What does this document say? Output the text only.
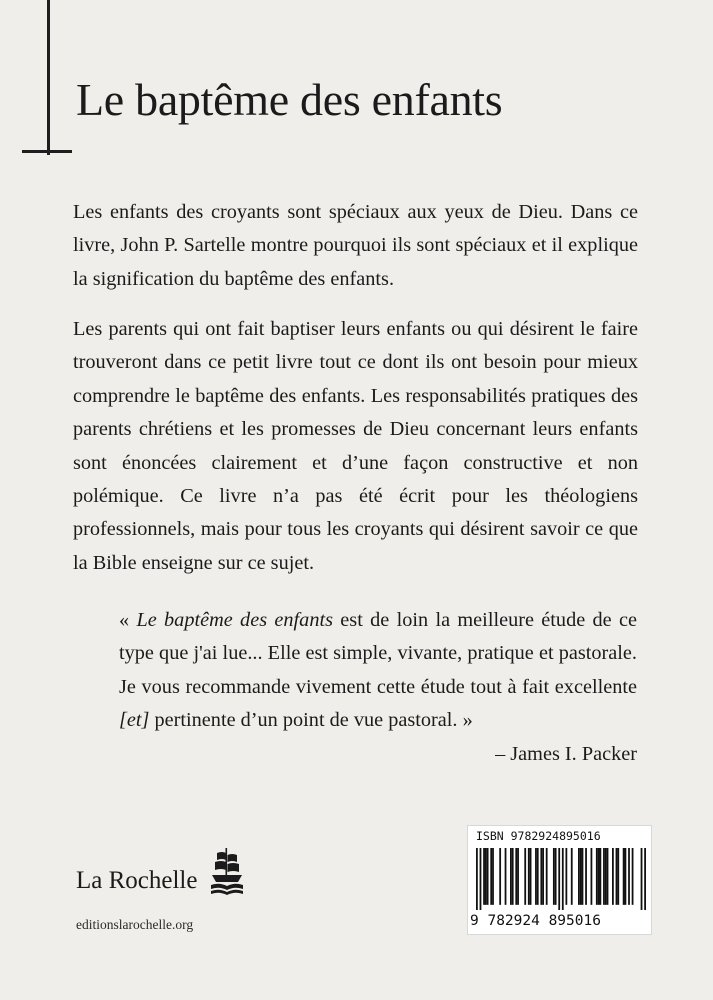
Le baptême des enfants

Les enfants des croyants sont spéciaux aux yeux de Dieu. Dans ce livre, John P. Sartelle montre pourquoi ils sont spéciaux et il explique la signification du baptême des enfants.

Les parents qui ont fait baptiser leurs enfants ou qui désirent le faire trouveront dans ce petit livre tout ce dont ils ont besoin pour mieux comprendre le baptême des enfants. Les responsabilités pratiques des parents chrétiens et les promesses de Dieu concernant leurs enfants sont énoncées clairement et d’une façon constructive et non polémique. Ce livre n’a pas été écrit pour les théologiens professionnels, mais pour tous les croyants qui désirent savoir ce que la Bible enseigne sur ce sujet.

« Le baptême des enfants est de loin la meilleure étude de ce type que j'ai lue... Elle est simple, vivante, pratique et pastorale. Je vous recommande vivement cette étude tout à fait excellente [et] pertinente d’un point de vue pastoral. »

– James I. Packer

La Rochelle
editionslarochelle.org
ISBN 9782924895016
9 782924 895016
